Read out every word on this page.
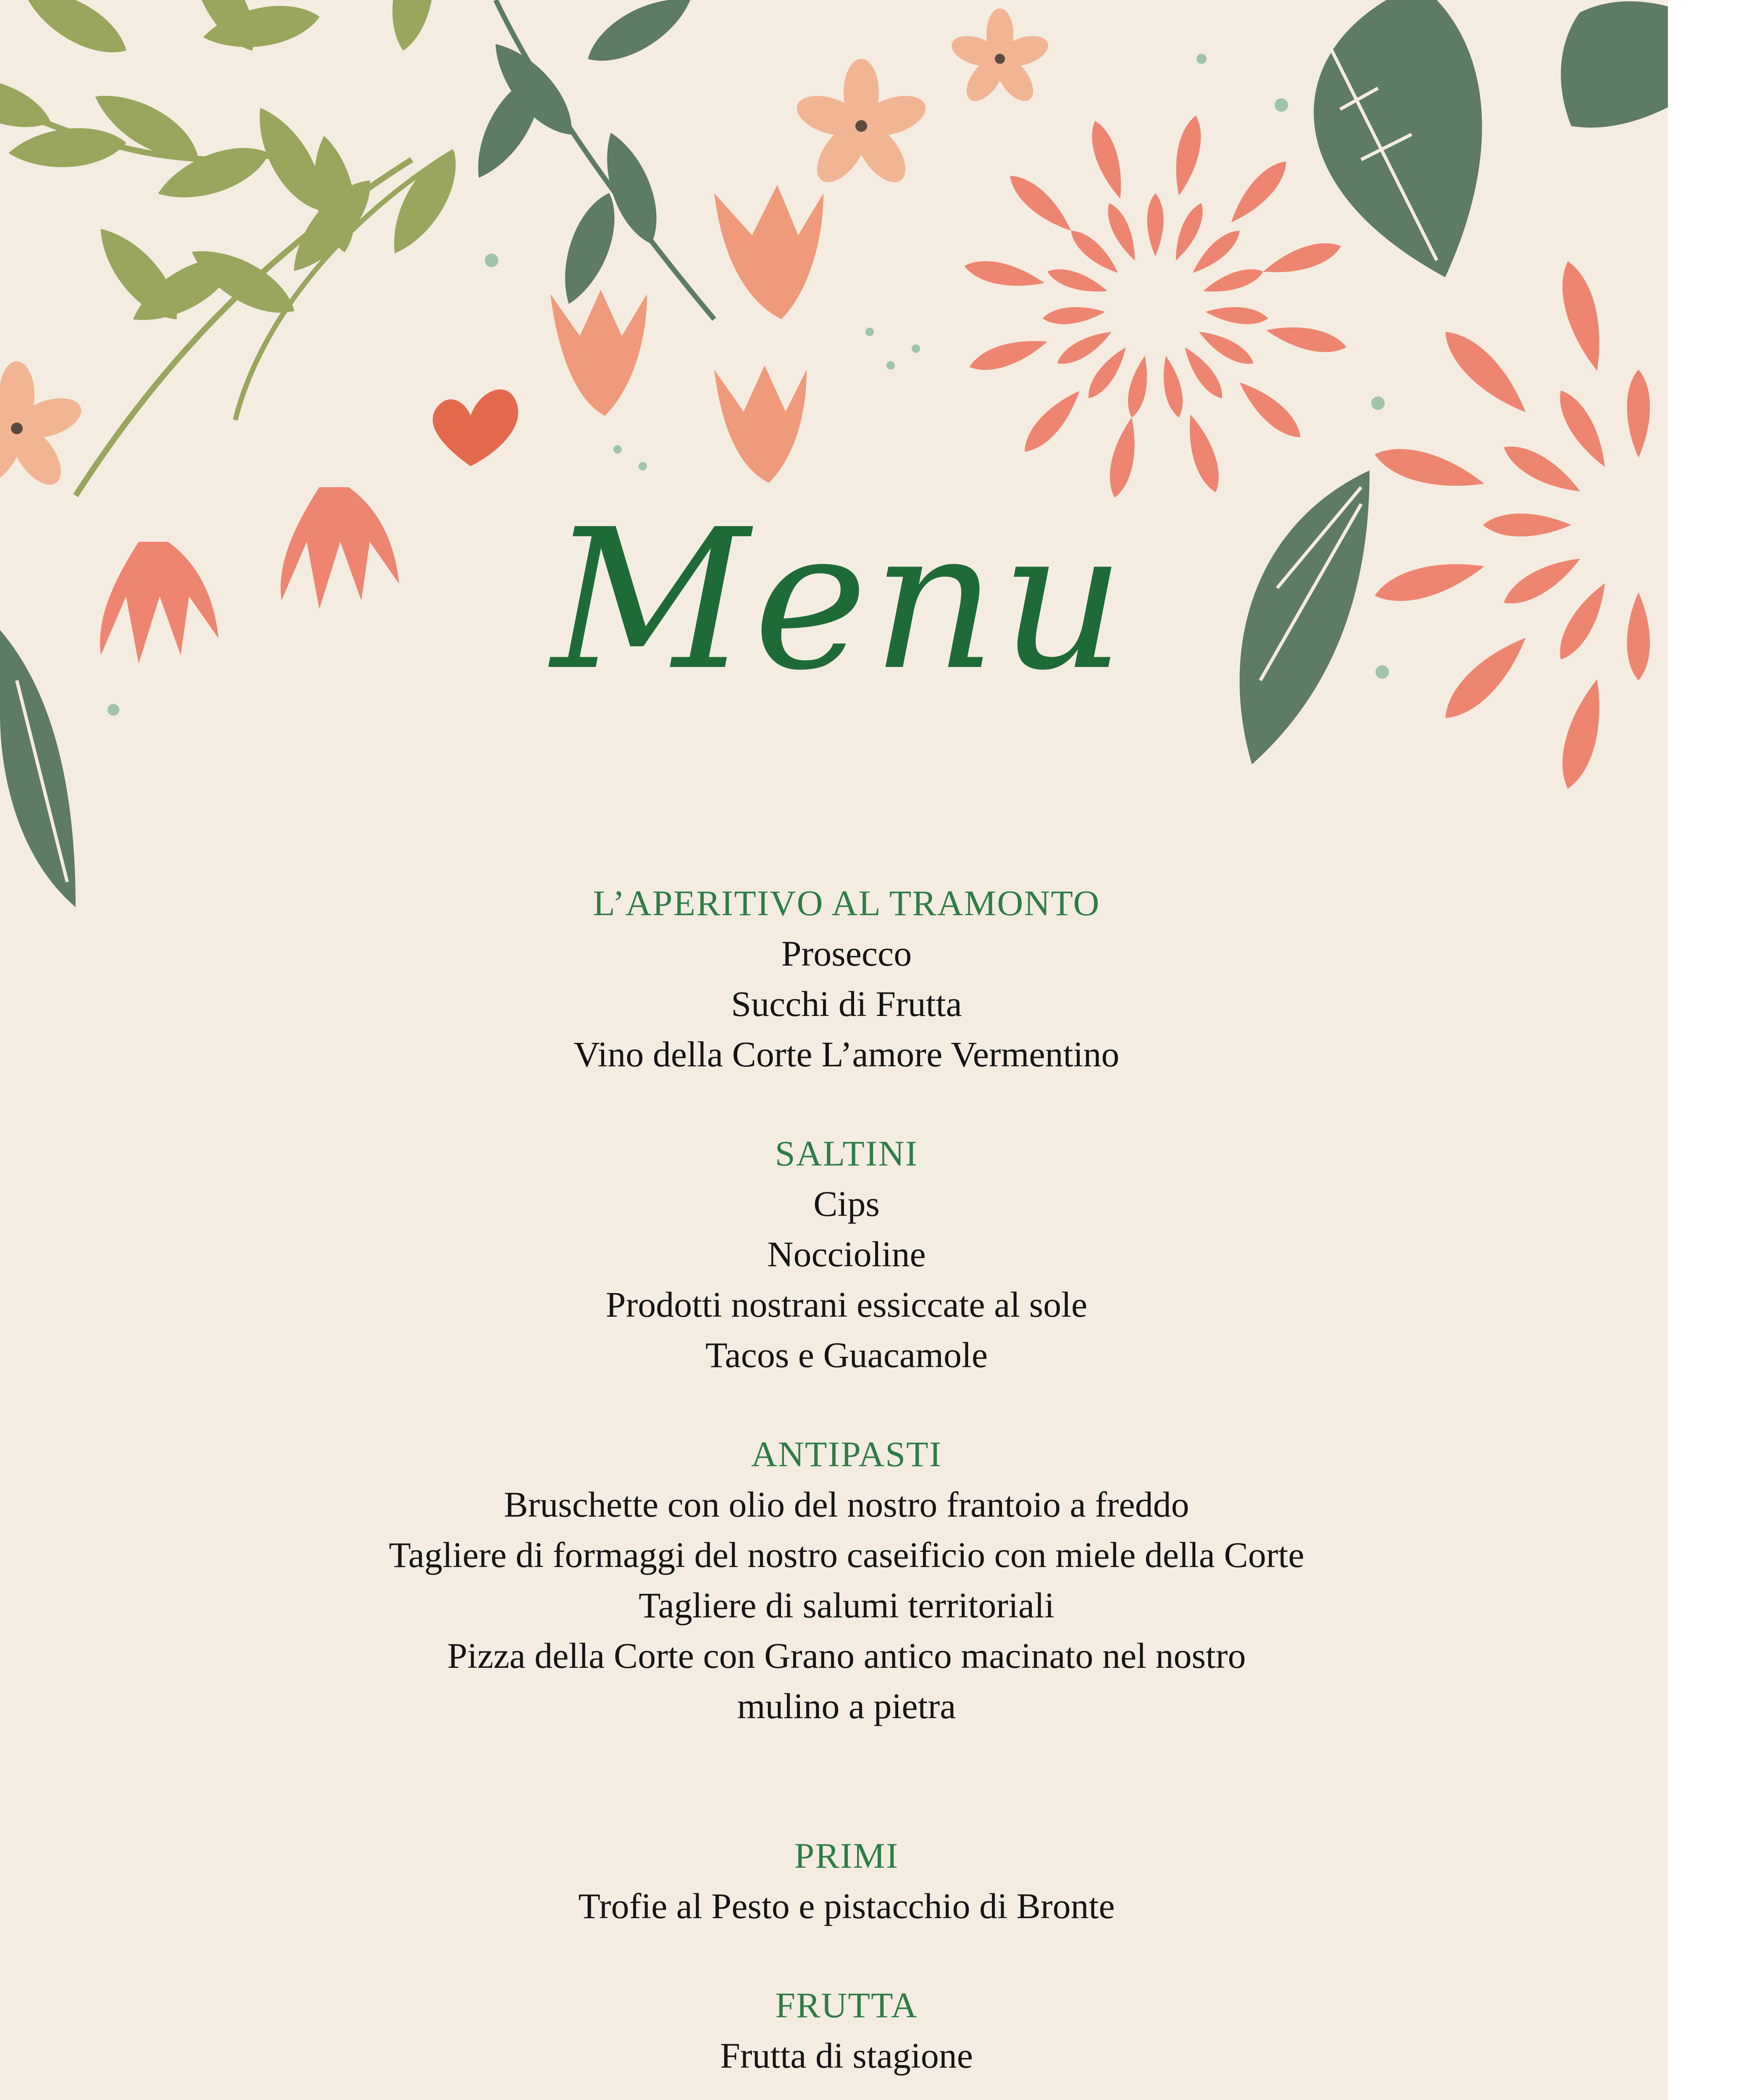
Menu
L’APERITIVO AL TRAMONTO
Prosecco
Succhi di Frutta
Vino della Corte L’amore Vermentino
SALTINI
Cips
Noccioline
Prodotti nostrani essiccate al sole
Tacos e Guacamole
ANTIPASTI
Bruschette con olio del nostro frantoio a freddo
Tagliere di formaggi del nostro caseificio con miele della Corte
Tagliere di salumi territoriali
Pizza della Corte con Grano antico macinato nel nostro
mulino a pietra
PRIMI
Trofie al Pesto e pistacchio di Bronte
FRUTTA
Frutta di stagione
